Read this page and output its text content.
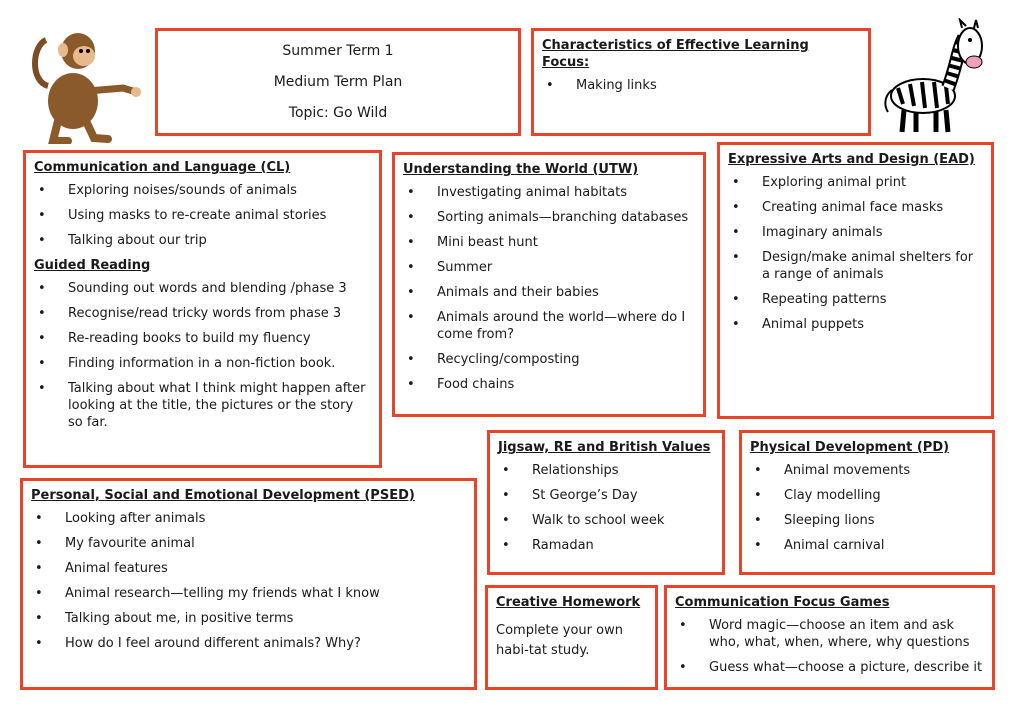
Summer Term 1
Medium Term Plan
Topic: Go Wild
Characteristics of Effective Learning Focus:
• Making links
Communication and Language (CL)
• Exploring noises/sounds of animals
• Using masks to re-create animal stories
• Talking about our trip
Guided Reading
• Sounding out words and blending /phase 3
• Recognise/read tricky words from phase 3
• Re-reading books to build my fluency
• Finding information in a non-fiction book.
• Talking about what I think might happen after looking at the title, the pictures or the story so far.
Understanding the World (UTW)
• Investigating animal habitats
• Sorting animals—branching databases
• Mini beast hunt
• Summer
• Animals and their babies
• Animals around the world—where do I come from?
• Recycling/composting
• Food chains
Expressive Arts and Design (EAD)
• Exploring animal print
• Creating animal face masks
• Imaginary animals
• Design/make animal shelters for a range of animals
• Repeating patterns
• Animal puppets
Personal, Social and Emotional Development (PSED)
• Looking after animals
• My favourite animal
• Animal features
• Animal research—telling my friends what I know
• Talking about me, in positive terms
• How do I feel around different animals? Why?
Jigsaw, RE and British Values
• Relationships
• St George’s Day
• Walk to school week
• Ramadan
Physical Development (PD)
• Animal movements
• Clay modelling
• Sleeping lions
• Animal carnival
Creative Homework
Complete your own habi-tat study.
Communication Focus Games
• Word magic—choose an item and ask who, what, when, where, why questions
• Guess what—choose a picture, describe it
